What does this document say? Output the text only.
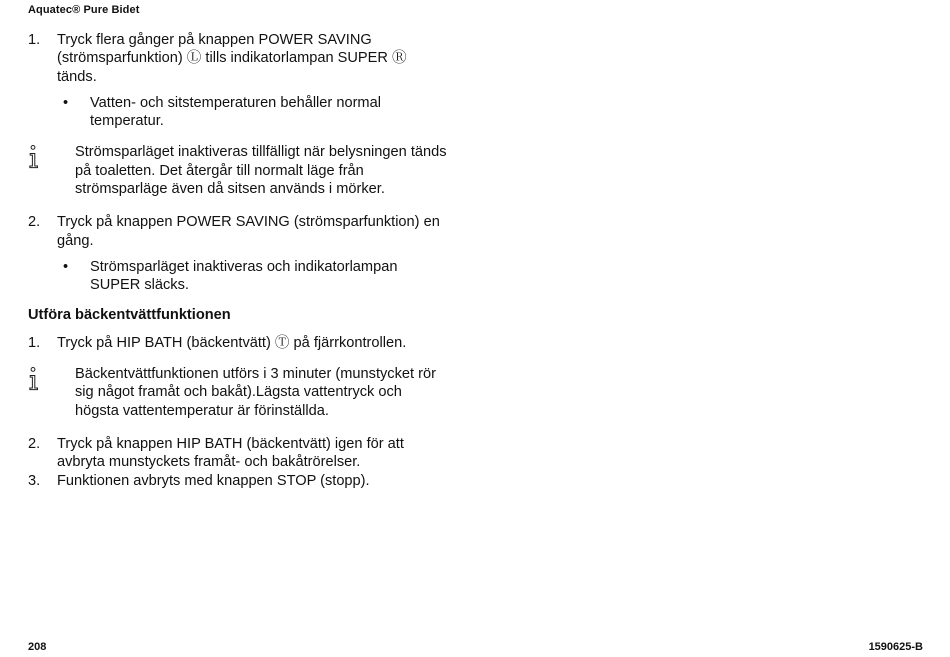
Aquatec® Pure Bidet
1.	Tryck flera gånger på knappen POWER SAVING (strömsparfunktion) Ⓛ tills indikatorlampan SUPER Ⓡ tänds.
•	Vatten- och sitstemperaturen behåller normal temperatur.
Strömsparläget inaktiveras tillfälligt när belysningen tänds på toaletten. Det återgår till normalt läge från strömsparläge även då sitsen används i mörker.
2.	Tryck på knappen POWER SAVING (strömsparfunktion) en gång.
•	Strömsparläget inaktiveras och indikatorlampan SUPER släcks.
Utföra bäckentvättfunktionen
1.	Tryck på HIP BATH (bäckentvätt) Ⓣ på fjärrkontrollen.
Bäckentvättfunktionen utförs i 3 minuter (munstycket rör sig något framåt och bakåt).Lägsta vattentryck och högsta vattentemperatur är förinställda.
2.	Tryck på knappen HIP BATH (bäckentvätt) igen för att avbryta munstyckets framåt- och bakåtrörelser.
3.	Funktionen avbryts med knappen STOP (stopp).
208	1590625-B
